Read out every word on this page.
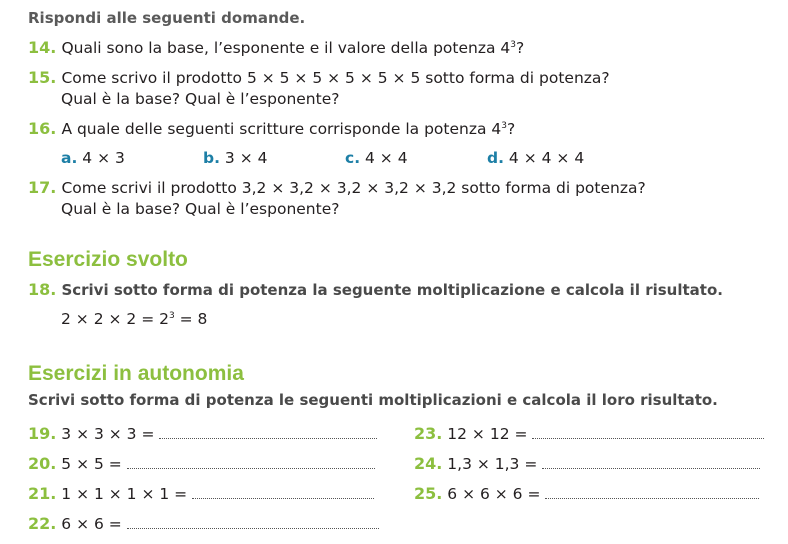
Rispondi alle seguenti domande.
14. Quali sono la base, l’esponente e il valore della potenza $4^3$?
15. Come scrivo il prodotto 5 × 5 × 5 × 5 × 5 × 5 sotto forma di potenza?
Qual è la base? Qual è l’esponente?
16. A quale delle seguenti scritture corrisponde la potenza $4^3$?
a. 4 × 3	b. 3 × 4	c. 4 × 4	d. 4 × 4 × 4
17. Come scrivi il prodotto 3,2 × 3,2 × 3,2 × 3,2 × 3,2 sotto forma di potenza?
Qual è la base? Qual è l’esponente?
Esercizio svolto
18. Scrivi sotto forma di potenza la seguente moltiplicazione e calcola il risultato.
$2 \times 2 \times 2 = 2^3 = 8$
Esercizi in autonomia
Scrivi sotto forma di potenza le seguenti moltiplicazioni e calcola il loro risultato.
19. 3 × 3 × 3 =
20. 5 × 5 =
21. 1 × 1 × 1 × 1 =
22. 6 × 6 =
23. 12 × 12 =
24. 1,3 × 1,3 =
25. 6 × 6 × 6 =
